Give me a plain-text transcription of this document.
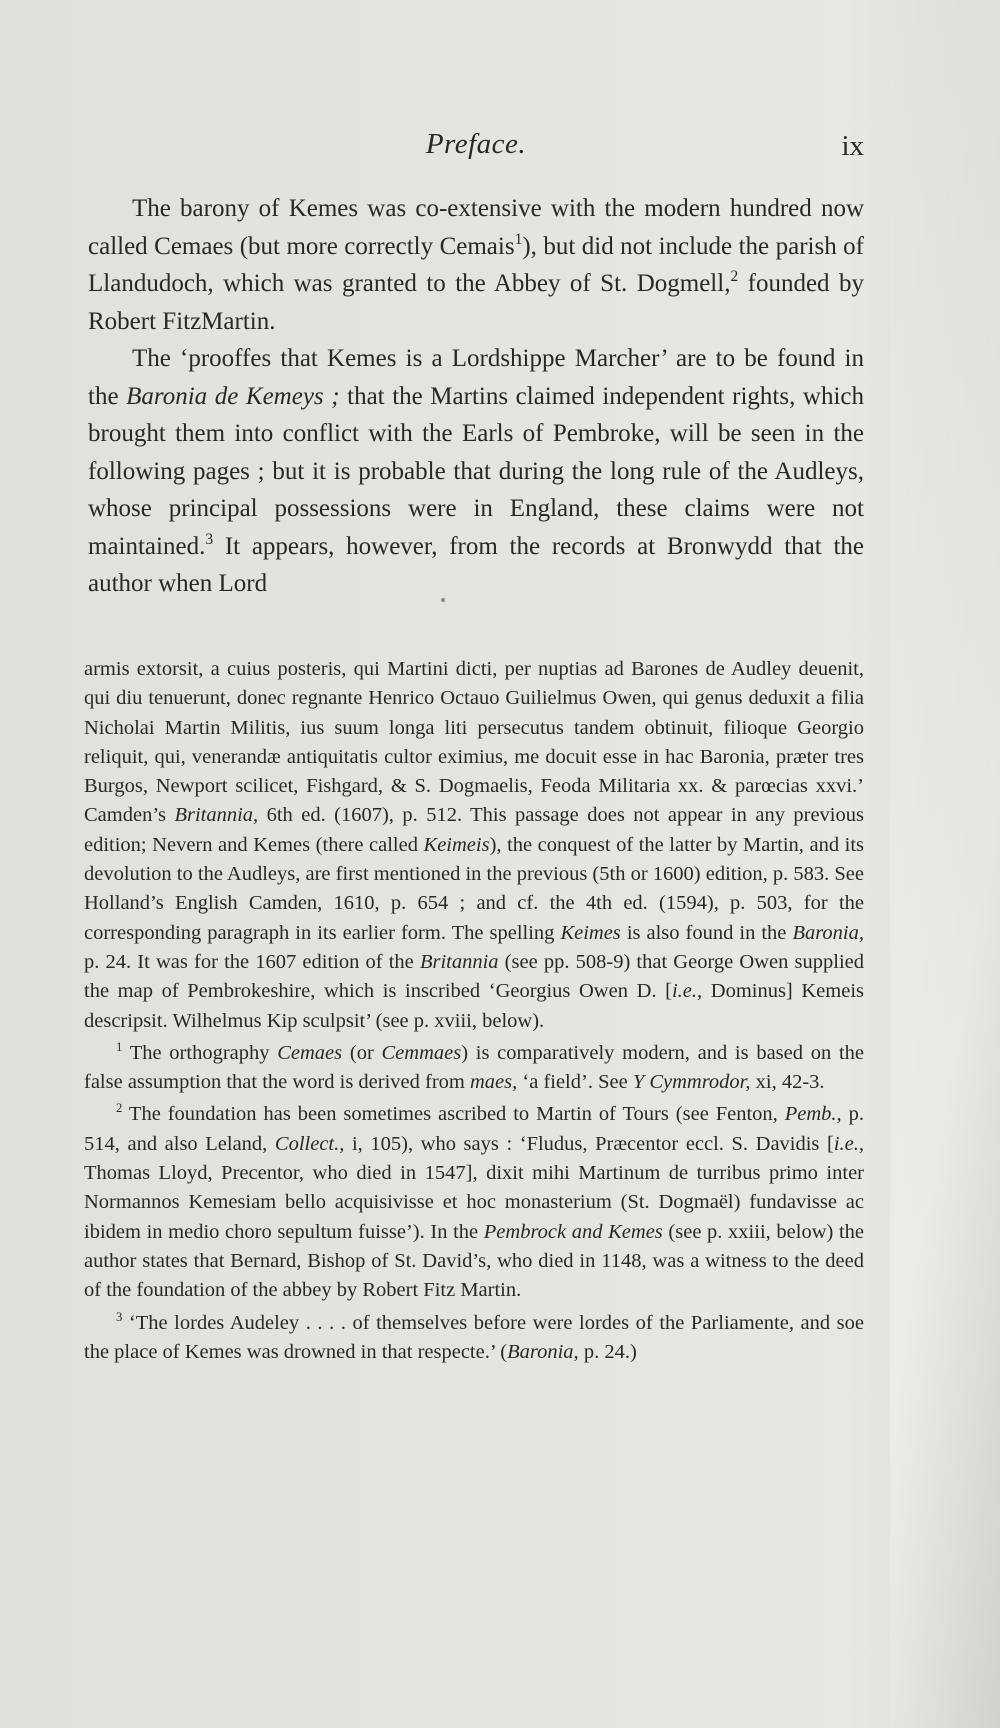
Preface.	ix

The barony of Kemes was co-extensive with the modern hundred now called Cemaes (but more correctly Cemais$^1$), but did not include the parish of Llandudoch, which was granted to the Abbey of St. Dogmell,$^2$ founded by Robert FitzMartin.

The ‘prooffes that Kemes is a Lordshippe Marcher’ are to be found in the Baronia de Kemeys ; that the Martins claimed independent rights, which brought them into conflict with the Earls of Pembroke, will be seen in the following pages ; but it is probable that during the long rule of the Audleys, whose principal possessions were in England, these claims were not maintained.$^3$ It appears, however, from the records at Bronwydd that the author when Lord

armis extorsit, a cuius posteris, qui Martini dicti, per nuptias ad Barones de Audley deuenit, qui diu tenuerunt, donec regnante Henrico Octauo Guilielmus Owen, qui genus deduxit a filia Nicholai Martin Militis, ius suum longa liti persecutus tandem obtinuit, filioque Georgio reliquit, qui, venerandæ antiquitatis cultor eximius, me docuit esse in hac Baronia, præter tres Burgos, Newport scilicet, Fishgard, & S. Dogmaelis, Feoda Militaria xx. & parœcias xxvi.’ Camden’s Britannia, 6th ed. (1607), p. 512. This passage does not appear in any previous edition; Nevern and Kemes (there called Keimeis), the conquest of the latter by Martin, and its devolution to the Audleys, are first mentioned in the previous (5th or 1600) edition, p. 583. See Holland’s English Camden, 1610, p. 654 ; and cf. the 4th ed. (1594), p. 503, for the corresponding paragraph in its earlier form. The spelling Keimes is also found in the Baronia, p. 24. It was for the 1607 edition of the Britannia (see pp. 508-9) that George Owen supplied the map of Pembrokeshire, which is inscribed ‘Georgius Owen D. [i.e., Dominus] Kemeis descripsit. Wilhelmus Kip sculpsit’ (see p. xviii, below).

$^1$ The orthography Cemaes (or Cemmaes) is comparatively modern, and is based on the false assumption that the word is derived from maes, ‘a field’. See Y Cymmrodor, xi, 42-3.

$^2$ The foundation has been sometimes ascribed to Martin of Tours (see Fenton, Pemb., p. 514, and also Leland, Collect., i, 105), who says : ‘Fludus, Præcentor eccl. S. Davidis [i.e., Thomas Lloyd, Precentor, who died in 1547], dixit mihi Martinum de turribus primo inter Normannos Kemesiam bello acquisivisse et hoc monasterium (St. Dogmaël) fundavisse ac ibidem in medio choro sepultum fuisse’). In the Pembrock and Kemes (see p. xxiii, below) the author states that Bernard, Bishop of St. David’s, who died in 1148, was a witness to the deed of the foundation of the abbey by Robert Fitz Martin.

$^3$ ‘The lordes Audeley . . . . of themselves before were lordes of the Parliamente, and soe the place of Kemes was drowned in that respecte.’ (Baronia, p. 24.)
